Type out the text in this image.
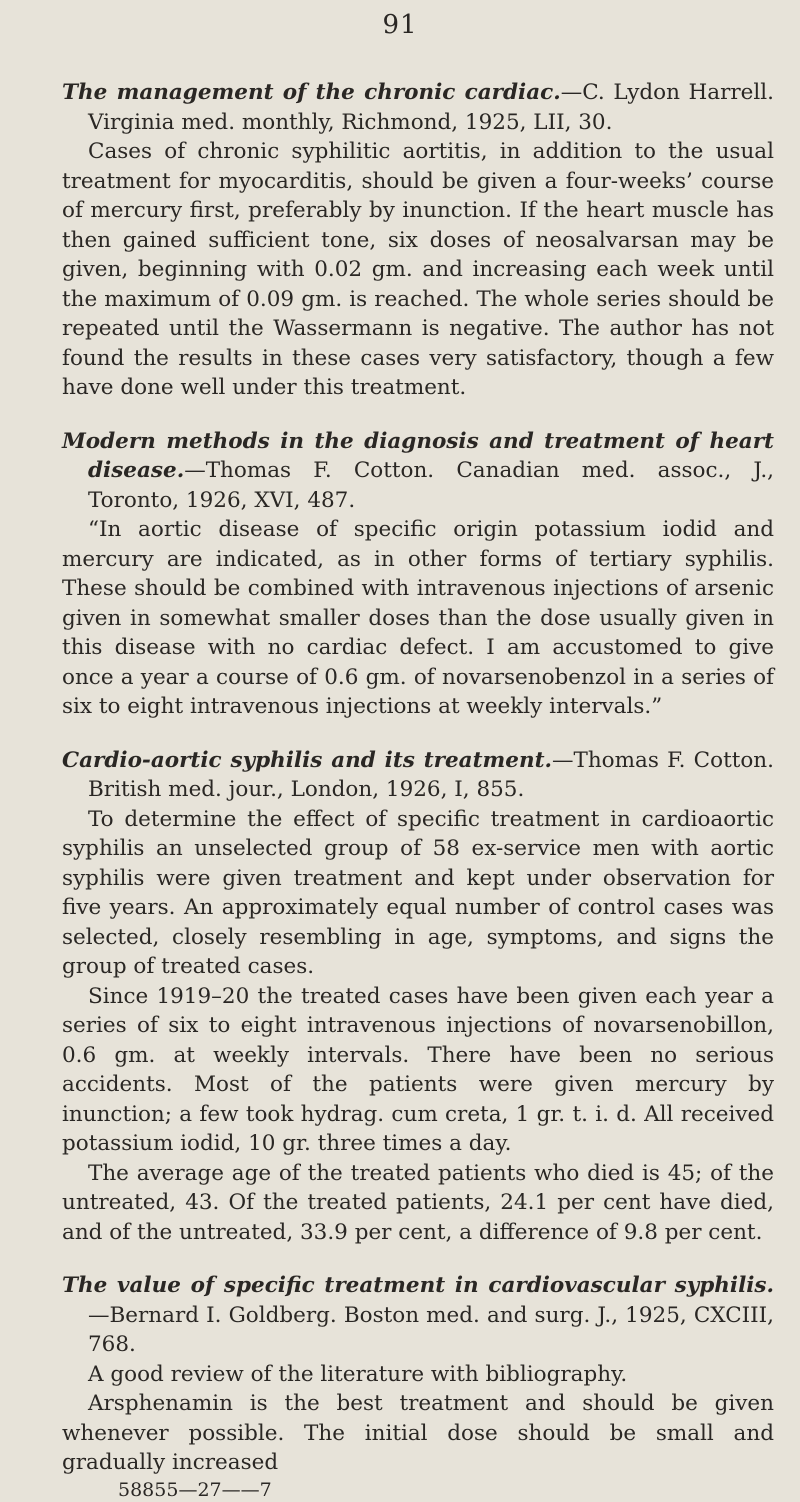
91

The management of the chronic cardiac.—C. Lydon Harrell. Virginia med. monthly, Richmond, 1925, LII, 30.

Cases of chronic syphilitic aortitis, in addition to the usual treatment for myocarditis, should be given a four-weeks’ course of mercury first, preferably by inunction. If the heart muscle has then gained sufficient tone, six doses of neosalvarsan may be given, beginning with 0.02 gm. and increasing each week until the maximum of 0.09 gm. is reached. The whole series should be repeated until the Wassermann is negative. The author has not found the results in these cases very satisfactory, though a few have done well under this treatment.

Modern methods in the diagnosis and treatment of heart disease.—Thomas F. Cotton. Canadian med. assoc., J., Toronto, 1926, XVI, 487.

“In aortic disease of specific origin potassium iodid and mercury are indicated, as in other forms of tertiary syphilis. These should be combined with intravenous injections of arsenic given in somewhat smaller doses than the dose usually given in this disease with no cardiac defect. I am accustomed to give once a year a course of 0.6 gm. of novarsenobenzol in a series of six to eight intravenous injections at weekly intervals.”

Cardio-aortic syphilis and its treatment.—Thomas F. Cotton. British med. jour., London, 1926, I, 855.

To determine the effect of specific treatment in cardioaortic syphilis an unselected group of 58 ex-service men with aortic syphilis were given treatment and kept under observation for five years. An approximately equal number of control cases was selected, closely resembling in age, symptoms, and signs the group of treated cases.

Since 1919–20 the treated cases have been given each year a series of six to eight intravenous injections of novarsenobillon, 0.6 gm. at weekly intervals. There have been no serious accidents. Most of the patients were given mercury by inunction; a few took hydrag. cum creta, 1 gr. t. i. d. All received potassium iodid, 10 gr. three times a day.

The average age of the treated patients who died is 45; of the untreated, 43. Of the treated patients, 24.1 per cent have died, and of the untreated, 33.9 per cent, a difference of 9.8 per cent.

The value of specific treatment in cardiovascular syphilis.—Bernard I. Goldberg. Boston med. and surg. J., 1925, CXCIII, 768.

A good review of the literature with bibliography.

Arsphenamin is the best treatment and should be given whenever possible. The initial dose should be small and gradually increased

58855—27——7
